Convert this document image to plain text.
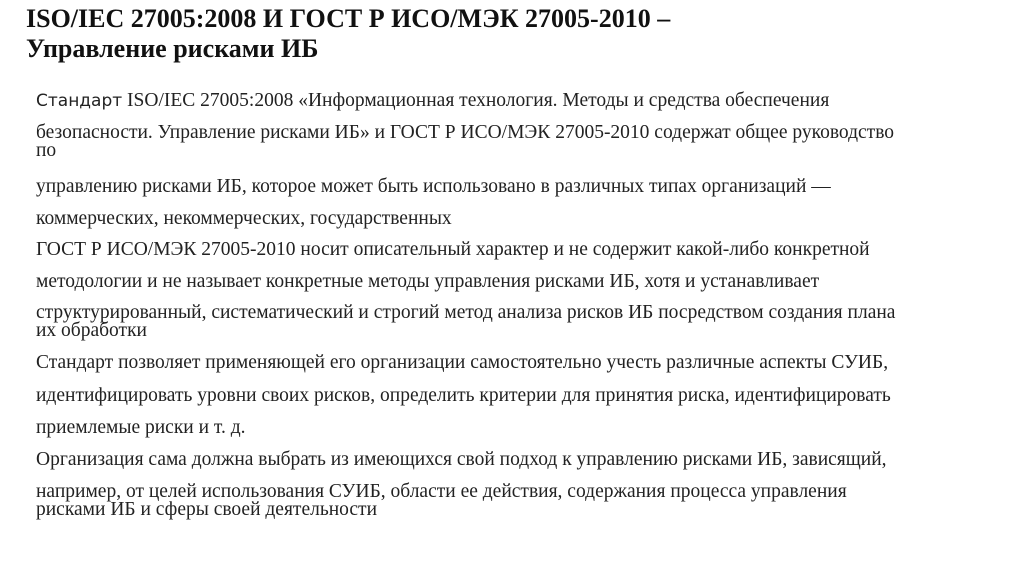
ISO/IEC 27005:2008 И ГОСТ Р ИСО/МЭК 27005-2010 –
Управление рисками ИБ
Стандарт ISO/IEC 27005:2008 «Информационная технология. Методы и средства обеспечения
безопасности. Управление рисками ИБ» и ГОСТ Р ИСО/МЭК 27005-2010 содержат общее руководство
по
управлению рисками ИБ, которое может быть использовано в различных типах организаций —
коммерческих, некоммерческих, государственных
ГОСТ Р ИСО/МЭК 27005-2010 носит описательный характер и не содержит какой-либо конкретной
методологии и не называет конкретные методы управления рисками ИБ, хотя и устанавливает
структурированный, систематический и строгий метод анализа рисков ИБ посредством создания плана
их обработки
Стандарт позволяет применяющей его организации самостоятельно учесть различные аспекты СУИБ,
идентифицировать уровни своих рисков, определить критерии для принятия риска, идентифицировать
приемлемые риски и т. д.
Организация сама должна выбрать из имеющихся свой подход к управлению рисками ИБ, зависящий,
например, от целей использования СУИБ, области ее действия, содержания процесса управления
рисками ИБ и сферы своей деятельности
